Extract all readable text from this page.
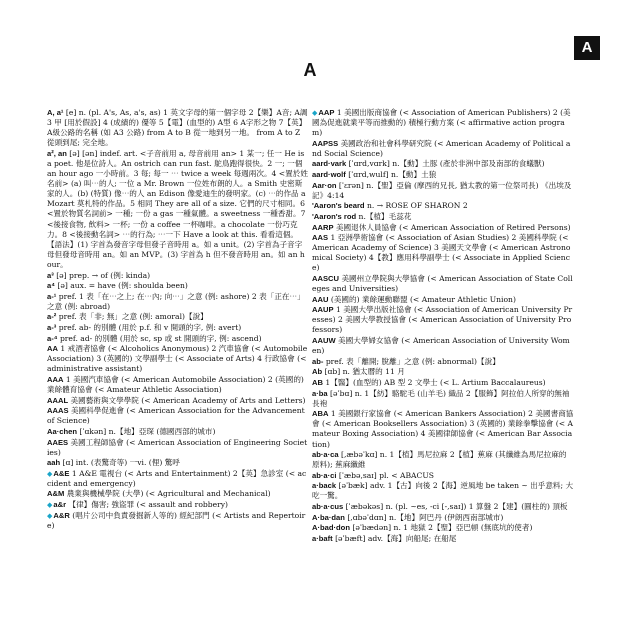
A
A
A, a¹ [e] n. (pl. A's, As, a's, as) 1 英文字母的第一個字母 2【樂】A音; A調 3 甲 [用於假設] 4 (成績的) 優等 5【電】(血型的) A型 6 A字形之物 7【英】A級公路的名稱 (如 A3 公路) from A to B 從一地到另一地。 from A to Z 從頭到尾; 完全地。
a², an [ə] [ən] indef. art. <子音前用 a, 母音前用 an> 1 某一; 任一 He is a poet. 他是位詩人。An ostrich can run fast. 鴕鳥跑得很快。2 一; 一個 an hour ago 一小時前。3 每; 每一 ⋯ twice a week 每週兩次。4 <置於姓名前> (a) 叫⋯的人; 一位 a Mr. Brown 一位姓布朗的人。a Smith 史密斯家的人。(b) (特質) 像⋯的人 an Edison 像愛迪生的發明家。(c) ⋯的作品 a Mozart 莫札特的作品。5 相同 They are all of a size. 它們的尺寸相同。6 <置於物質名詞前> 一種; 一份 a gas 一種氣體。a sweetness 一種香甜。7 <後接食物, 飲料> 一杯; 一份 a coffee 一杯咖啡。a chocolate 一份巧克力。8 <後接動名詞> ⋯的行為; ⋯一下 Have a look at this. 看看這個。【語法】(1) 字首為發音字母但發子音時用 a。如 a unit。(2) 字首為子音字母但發母音時用 an。如 an MVP。(3) 字首為 h 但不發音時用 an。如 an hour。
a³ [ə] prep. → of (例: kinda)
a⁴ [ə] aux. = have (例: shoulda been)
a-¹ pref. 1 表「在⋯之上; 在⋯內; 向⋯」之意 (例: ashore) 2 表「正在⋯」之意 (例: abroad)
a-² pref. 表「非; 無」之意 (例: amoral)【說】
a-³ pref. ab- 的別體 (用於 p.f. 和 v 開頭的字, 例: avert)
a-⁴ pref. ad- 的別體 (用於 sc, sp 或 st 開頭的字, 例: ascend)
AA 1 戒酒者協會 (< Alcoholics Anonymous) 2 汽車協會 (< Automobile Association) 3 (英國的) 文學副學士 (< Associate of Arts) 4 行政協會 (< administrative assistant)
AAA 1 美國汽車協會 (< American Automobile Association) 2 (英國的) 業餘體育協會 (< Amateur Athletic Association)
AAAL 美國藝術與文學學院 (< American Academy of Arts and Letters)
AAAS 美國科學促進會 (< American Association for the Advancement of Science)
Aa·chen [ˈɑkən] n.【地】亞琛 (德國西部的城市)
AAES 美國工程師協會 (< American Association of Engineering Societies)
aah [ɑ] int. (表驚奇等) 一vi. (俚) 驚呼
◆A&E 1 A&E 電視台 (< Arts and Entertainment) 2【英】急診室 (< accident and emergency)
A&M 農業與機械學院 (大學) (< Agricultural and Mechanical)
◆a&r 【律】傷害; 強盜罪 (< assault and robbery)
◆A&R (唱片公司中負責發掘新人等的) 經紀部門 (< Artists and Repertoire)
◆AAP 1 美國出版商協會 (< Association of American Publishers) 2 (美國為促進就業平等而推動的) 積極行動方案 (< affirmative action program)
AAPSS 美國政治和社會科學研究院 (< American Academy of Political and Social Science)
aard·vark [ˈɑrd,vɑrk] n.【動】土豚 (產於非洲中部及南部的食蟻獸)
aard·wolf [ˈɑrd,wulf] n.【動】土狼
Aar·on [ˈɛrən] n.【聖】亞倫 (摩西的兄長, 猶太教的第一位祭司長) 《出埃及記》4:14
'Aaron's beard n. → ROSE OF SHARON 2
'Aaron's rod n.【植】毛蕊花
AARP 美國退休人員協會 (< American Association of Retired Persons)
AAS 1 亞洲學術協會 (< Association of Asian Studies) 2 美國科學院 (< American Academy of Science) 3 美國天文學會 (< American Astronomical Society) 4【教】應用科學副學士 (< Associate in Applied Science)
AASCU 美國州立學院與大學協會 (< American Association of State Colleges and Universities)
AAU (美國的) 業餘運動聯盟 (< Amateur Athletic Union)
AAUP 1 美國大學出版社協會 (< Association of American University Presses) 2 美國大學教授協會 (< American Association of University Professors)
AAUW 美國大學婦女協會 (< American Association of University Women)
ab- pref. 表「離開; 脫離」之意 (例: abnormal)【說】
Ab [ɑb] n. 猶太曆的 11 月
AB 1【醫】(血型的) AB 型 2 文學士 (< L. Artium Baccalaureus)
a·ba [əˈbɑ] n. 1【紡】駱駝毛 (山羊毛) 織品 2【服飾】阿拉伯人所穿的無袖長袍
ABA 1 美國銀行家協會 (< American Bankers Association) 2 美國書商協會 (< American Booksellers Association) 3 (英國的) 業餘拳擊協會 (< Amateur Boxing Association) 4 美國律師協會 (< American Bar Association)
ab·a·ca [,æbəˈkɑ] n. 1【植】馬尼拉麻 2【植】蕉麻 (其纖維為馬尼拉麻的原料); 蕉麻纖維
ab·a·ci [ˈæbə,saɪ] pl. < ABACUS
a·back [əˈbæk] adv. 1【古】向後 2【海】逆風地 be taken ~ 出乎意料; 大吃一驚。
ab·a·cus [ˈæbəkəs] n. (pl. ~es, -ci [-,saɪ]) 1 算盤 2【建】(圓柱的) 頂板
A·ba·dan [,ɑbəˈdɑn] n.【地】阿巴丹 (伊朗西南部城市)
A·bad·don [əˈbædən] n. 1 地獄 2【聖】亞巴頓 (無底坑的使者)
a·baft [əˈbæft] adv.【海】向船尾; 在船尾
